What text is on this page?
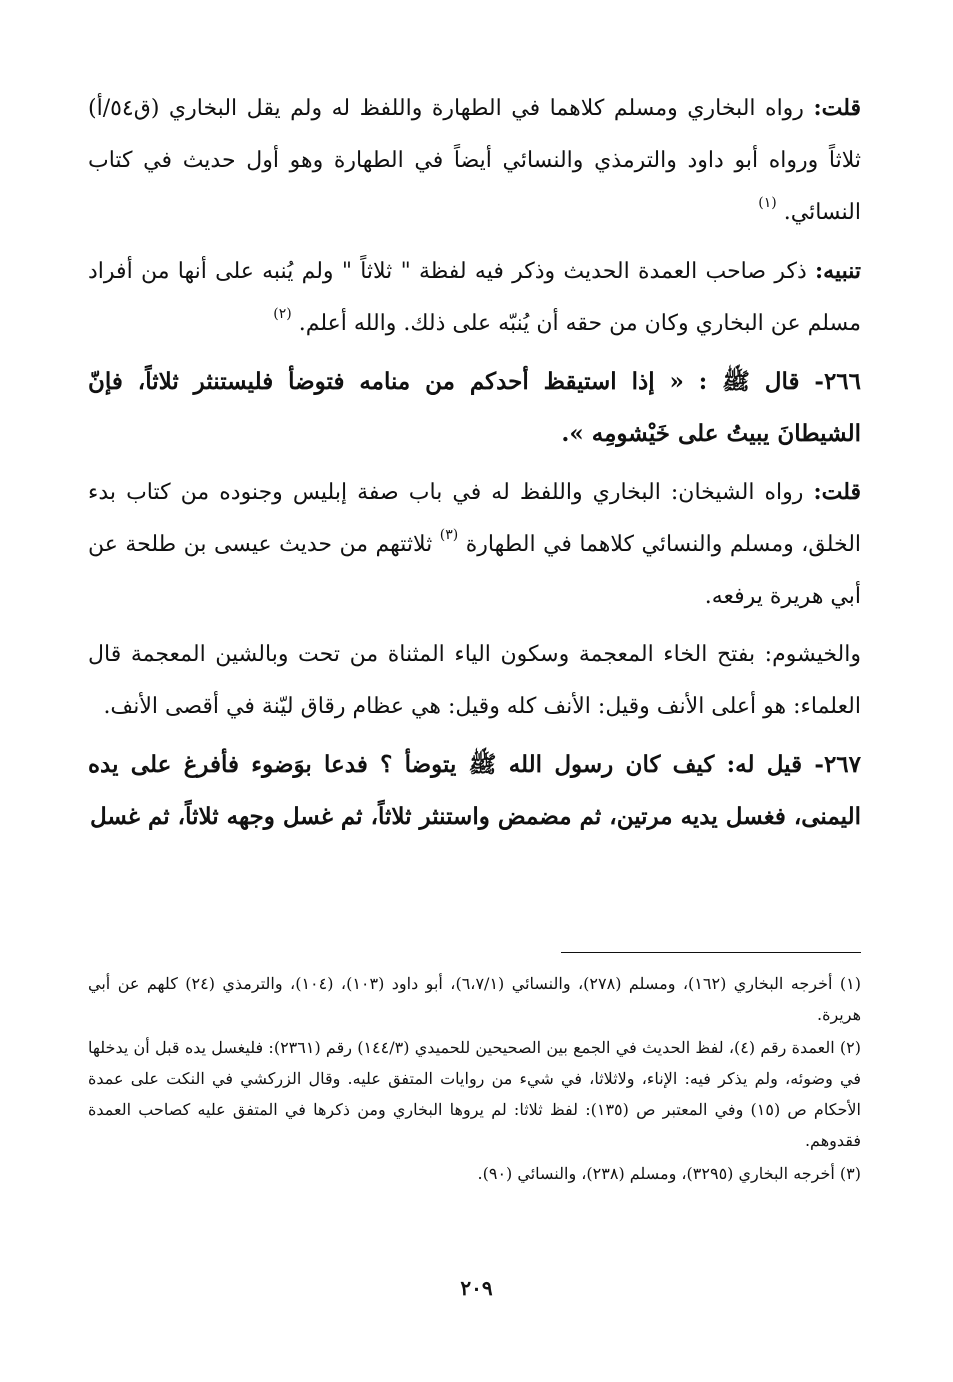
قلت: رواه البخاري ومسلم كلاهما في الطهارة واللفظ له ولم يقل البخاري (ق٥٤/أ) ثلاثاً ورواه أبو داود والترمذي والنسائي أيضاً في الطهارة وهو أول حديث في كتاب النسائي. $^{(١)}$

تنبيه: ذكر صاحب العمدة الحديث وذكر فيه لفظة " ثلاثاً " ولم يُنبه على أنها من أفراد مسلم عن البخاري وكان من حقه أن يُنبّه على ذلك. والله أعلم. $^{(٢)}$

٢٦٦- قال ﷺ : « إذا استيقظ أحدكم من منامه فتوضأ فليستنثر ثلاثاً، فإنّ الشيطانَ يبيتُ على خَيْشومِه ».

قلت: رواه الشيخان: البخاري واللفظ له في باب صفة إبليس وجنوده من كتاب بدء الخلق، ومسلم والنسائي كلاهما في الطهارة $^{(٣)}$ ثلاثتهم من حديث عيسى بن طلحة عن أبي هريرة يرفعه.

والخيشوم: بفتح الخاء المعجمة وسكون الياء المثناة من تحت وبالشين المعجمة قال العلماء: هو أعلى الأنف وقيل: الأنف كله وقيل: هي عظام رقاق ليّنة في أقصى الأنف.

٢٦٧- قيل له: كيف كان رسول الله ﷺ يتوضأ ؟ فدعا بوَضوء فأفرغ على يده اليمنى، فغسل يديه مرتين، ثم مضمض واستنثر ثلاثاً، ثم غسل وجهه ثلاثاً، ثم غسل

(١) أخرجه البخاري (١٦٢)، ومسلم (٢٧٨)، والنسائي (٦،٧/١)، أبو داود (١٠٣)، (١٠٤)، والترمذي (٢٤) كلهم عن أبي هريرة.

(٢) العمدة رقم (٤)، لفظ الحديث في الجمع بين الصحيحين للحميدي (١٤٤/٣) رقم (٢٣٦١): فليغسل يده قبل أن يدخلها في وضوئه، ولم يذكر فيه: الإناء، ولاثلاثا، في شيء من روايات المتفق عليه. وقال الزركشي في النكت على عمدة الأحكام ص (١٥) وفي المعتبر ص (١٣٥): لفظ ثلاثا: لم يروها البخاري ومن ذكرها في المتفق عليه كصاحب العمدة فقدوهم.

(٣) أخرجه البخاري (٣٢٩٥)، ومسلم (٢٣٨)، والنسائي (٩٠).

٢٠٩
